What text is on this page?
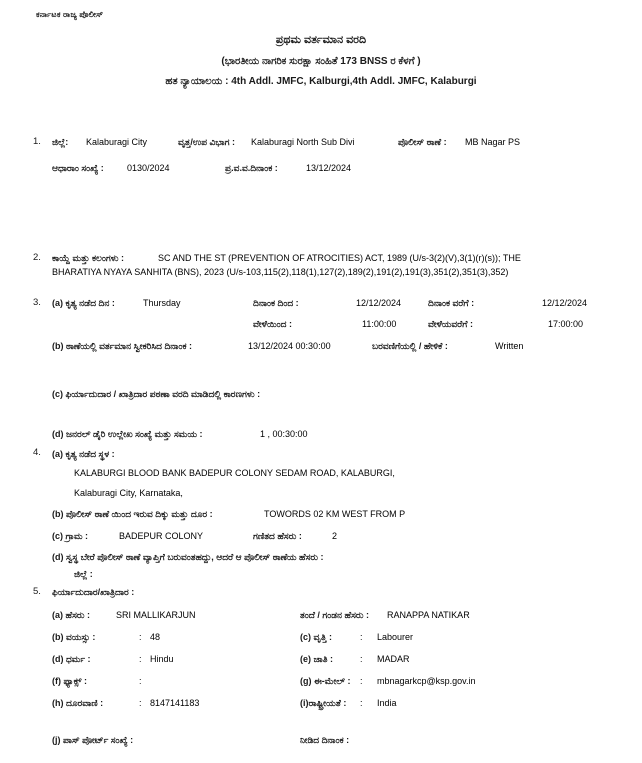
ಕರ್ನಾಟಕ ರಾಜ್ಯ ಪೊಲೀಸ್
ಪ್ರಥಮ ವರ್ತಮಾನ ವರದಿ
(ಭಾರತೀಯ ನಾಗರಿಕ ಸುರಕ್ಷಾ ಸಂಹಿತೆ 173 BNSS ರ ಕೆಳಗೆ )
ಹತ ನ್ಯಾಯಾಲಯ : 4th Addl. JMFC, Kalburgi,4th Addl. JMFC, Kalaburgi
1. ಜಿಲ್ಲೆ: Kalaburagi City	ವೃತ್ತ/ಉಪ ವಿಭಾಗ : Kalaburagi North Sub Divi	ಪೊಲೀಸ್ ಠಾಣೆ : MB Nagar PS
ಆಧಾರಾಂ ಸಂಖ್ಯೆ :	0130/2024	ಪ್ರ.ವ.ವ.ದಿನಾಂಕ :	13/12/2024
2. ಕಾಯ್ದೆ ಮತ್ತು ಕಲಂಗಳು :	SC AND THE ST (PREVENTION OF ATROCITIES) ACT, 1989 (U/s-3(2)(V),3(1)(r)(s)); THE
BHARATIYA NYAYA SANHITA (BNS), 2023 (U/s-103,115(2),118(1),127(2),189(2),191(2),191(3),351(2),351(3),352)
3. (a) ಕೃತ್ಯ ನಡೆದ ದಿನ :	Thursday	ದಿನಾಂಕ ದಿಂದ :	12/12/2024	ದಿನಾಂಕ ವರೆಗೆ :	12/12/2024
ವೇಳೆಯಿಂದ :	11:00:00	ವೇಳೆಯವರೆಗೆ :	17:00:00
(b) ಠಾಣೆಯಲ್ಲಿ ವರ್ತಮಾನ ಸ್ವೀಕರಿಸಿದ ದಿನಾಂಕ :	13/12/2024 00:30:00	ಬರವಣಿಗೆಯಲ್ಲಿ / ಹೇಳಿಕೆ :	Written
(c) ಫಿರ್ಯಾದುದಾರ / ಖಾತ್ರಿದಾರ ಪಠಣಾ ವರದಿ ಮಾಡಿದಲ್ಲಿ ಕಾರಣಗಳು :
(d) ಜನರಲ್ ಡೈರಿ ಉಲ್ಲೇಖ ಸಂಖ್ಯೆ ಮತ್ತು ಸಮಯ :	1 , 00:30:00
4. (a) ಕೃತ್ಯ ನಡೆದ ಸ್ಥಳ :
KALABURGI BLOOD BANK BADEPUR COLONY SEDAM ROAD, KALABURGI,
Kalaburagi City, Karnataka,
(b) ಪೊಲೀಸ್ ಠಾಣೆ ಯಿಂದ ಇರುವ ದಿಕ್ಕು ಮತ್ತು ದೂರ :	TOWORDS 02 KM WEST FROM P
(c) ಗ್ರಾಮ :	BADEPUR COLONY	ಗಣಿತದ ಹೆಸರು :	2
(d) ಸ್ವಸ್ಥ ಬೇರೆ ಪೊಲೀಸ್ ಠಾಣೆ ವ್ಯಾಪ್ತಿಗೆ ಬರುವಂತಹದ್ದು, ಆದರೆ ಆ ಪೊಲೀಸ್ ಠಾಣೆಯ ಹೆಸರು :
ಜಿಲ್ಲೆ :
5. ಫಿರ್ಯಾದುದಾರ/ಖಾತ್ರಿದಾರ :
(a) ಹೆಸರು :	SRI MALLIKARJUN	ತಂದೆ / ಗಂಡನ ಹೆಸರು : RANAPPA NATIKAR
(b) ವಯಸ್ಸು :	: 48	(c) ವೃತ್ತಿ :	: Labourer
(d) ಧರ್ಮ :	: Hindu	(e) ಜಾತಿ :	: MADAR
(f) ಫ್ಯಾಕ್ಸ್ :	:	(g) ಈ-ಮೇಲ್ : : mbnagarkcp@ksp.gov.in
(h) ದೂರವಾಣಿ :	: 8147141183	(i)ರಾಷ್ಟ್ರೀಯತೆ : : India
(j) ಪಾಸ್ ಪೋರ್ಟ್ ಸಂಖ್ಯೆ :	ನೀಡಿದ ದಿನಾಂಕ :
